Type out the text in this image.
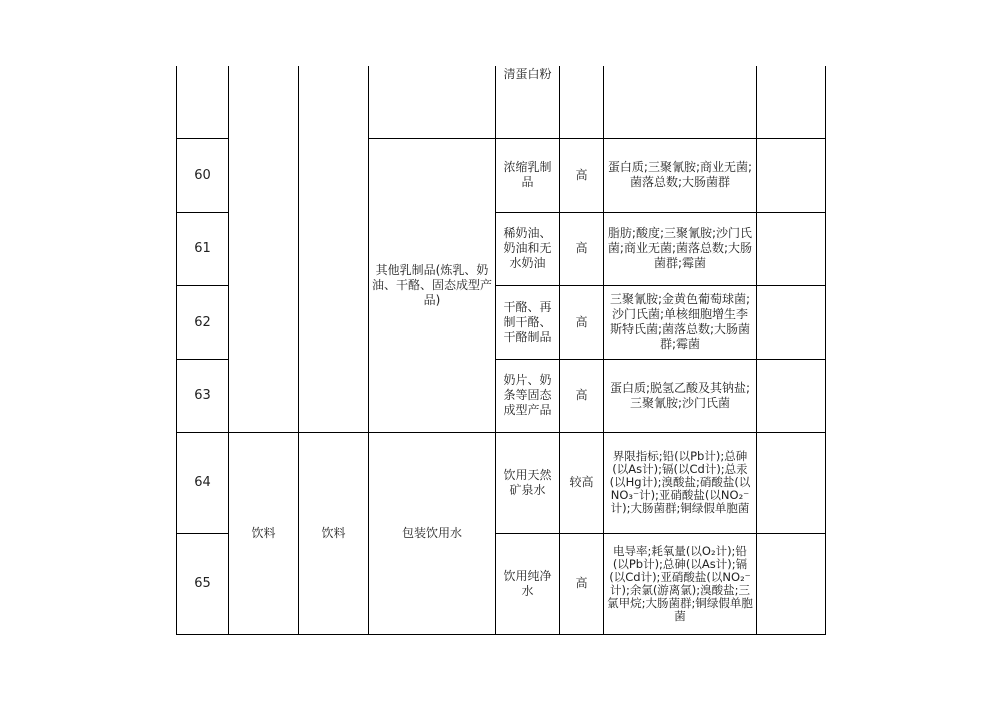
				清蛋白粉			
60			其他乳制品(炼乳、奶油、干酪、固态成型产品)	浓缩乳制品	高	蛋白质;三聚氰胺;商业无菌;菌落总数;大肠菌群	
61				稀奶油、奶油和无水奶油	高	脂肪;酸度;三聚氰胺;沙门氏菌;商业无菌;菌落总数;大肠菌群;霉菌	
62				干酪、再制干酪、干酪制品	高	三聚氰胺;金黄色葡萄球菌;沙门氏菌;单核细胞增生李斯特氏菌;菌落总数;大肠菌群;霉菌	
63				奶片、奶条等固态成型产品	高	蛋白质;脱氢乙酸及其钠盐;三聚氰胺;沙门氏菌	
64	饮料	饮料	包装饮用水	饮用天然矿泉水	较高	界限指标;铅(以Pb计);总砷(以As计);镉(以Cd计);总汞(以Hg计);溴酸盐;硝酸盐(以NO₃⁻计);亚硝酸盐(以NO₂⁻计);大肠菌群;铜绿假单胞菌	
65				饮用纯净水	高	电导率;耗氧量(以O₂计);铅(以Pb计);总砷(以As计);镉(以Cd计);亚硝酸盐(以NO₂⁻计);余氯(游离氯);溴酸盐;三氯甲烷;大肠菌群;铜绿假单胞菌	
